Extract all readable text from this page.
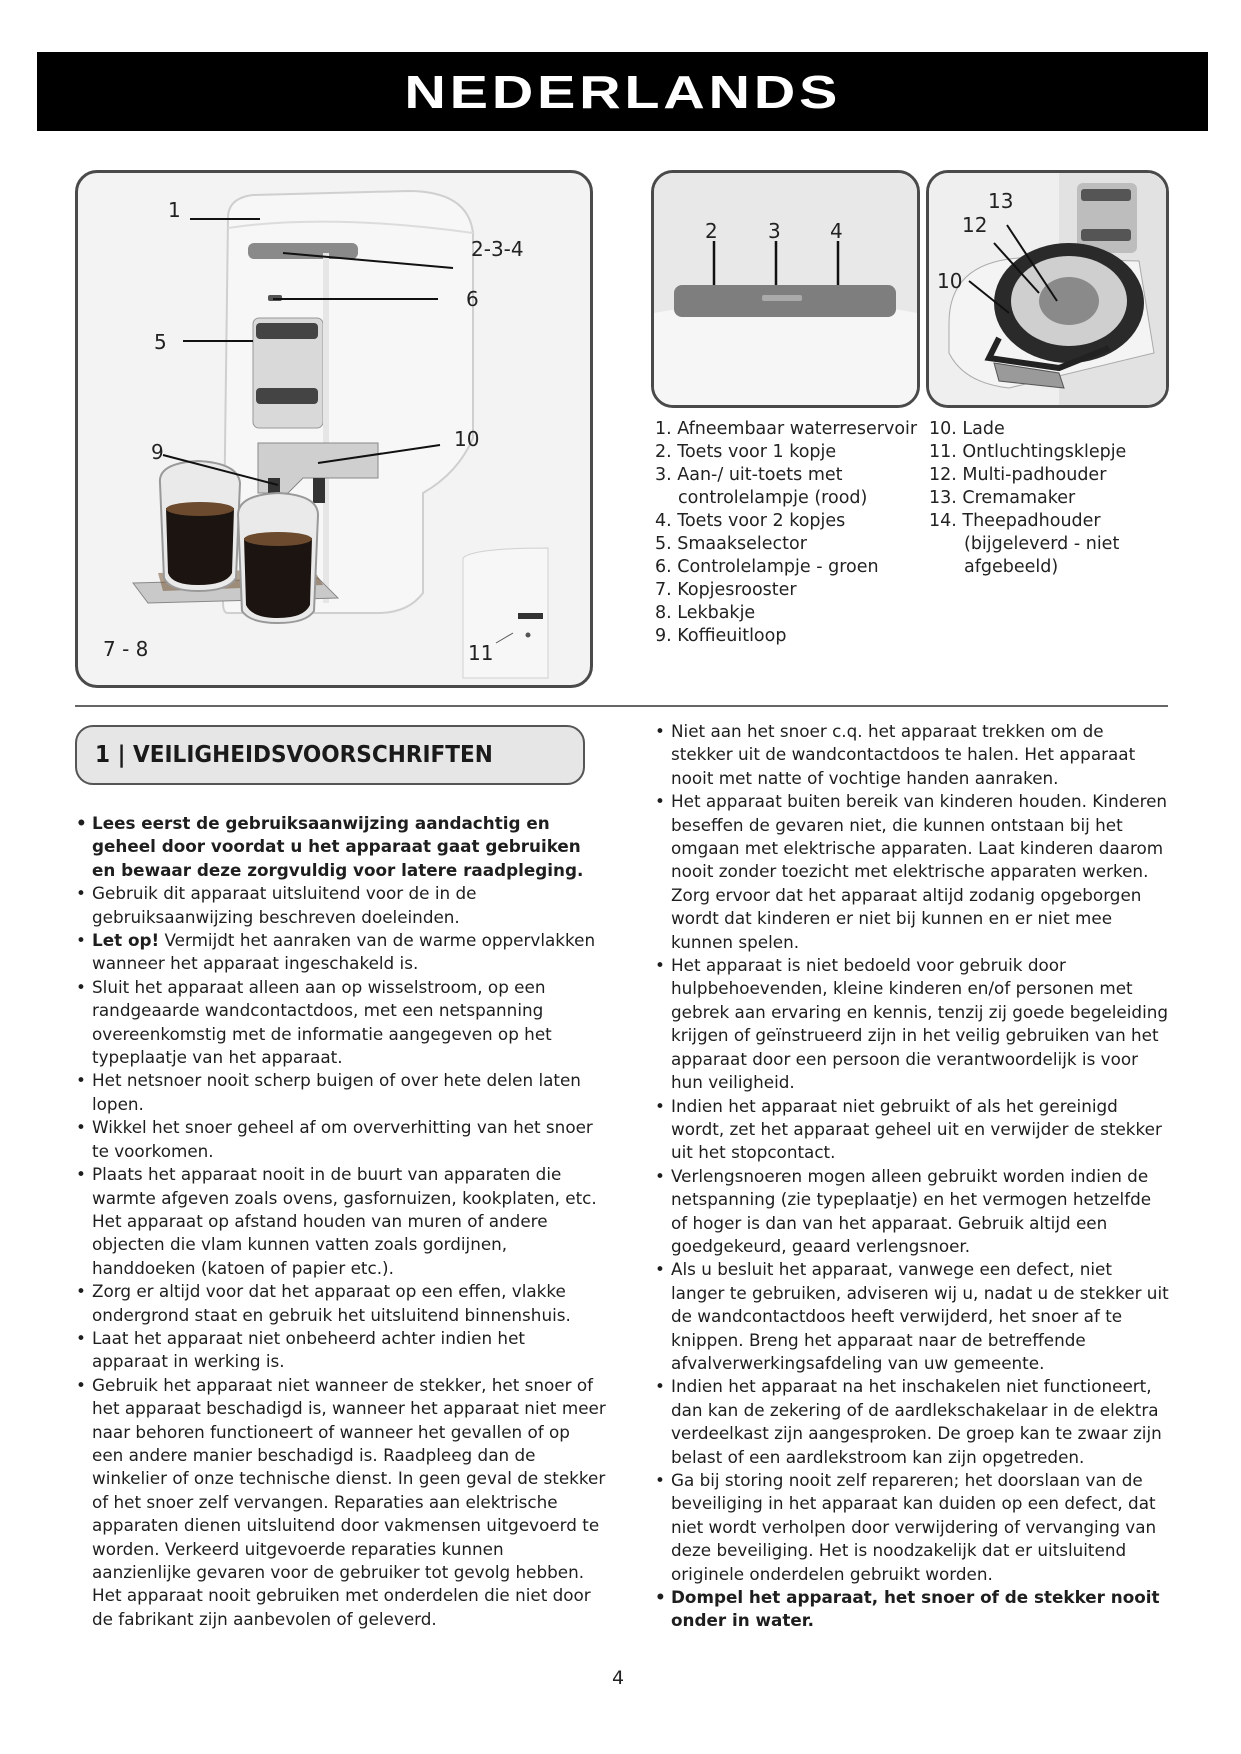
NEDERLANDS
1
2-3-4
6
5
9
10
7 - 8	11
2	3 4
13
12
10
1. Afneembaar waterreservoir
2. Toets voor 1 kopje
3. Aan-/ uit-toets met
controlelampje (rood)
4. Toets voor 2 kopjes
5. Smaakselector
6. Controlelampje - groen
7. Kopjesrooster
8. Lekbakje
9. Koffieuitloop
10. Lade
11. Ontluchtingsklepje
12. Multi-padhouder
13. Cremamaker
14. Theepadhouder
(bijgeleverd - niet
afgebeeld)
1 | VEILIGHEIDSVOORSCHRIFTEN
• Lees eerst de gebruiksaanwijzing aandachtig en geheel door voordat u het apparaat gaat gebruiken en bewaar deze zorgvuldig voor latere raadpleging.
• Gebruik dit apparaat uitsluitend voor de in de gebruiksaanwijzing beschreven doeleinden.
• Let op! Vermijdt het aanraken van de warme oppervlakken wanneer het apparaat ingeschakeld is.
• Sluit het apparaat alleen aan op wisselstroom, op een randgeaarde wandcontactdoos, met een netspanning overeenkomstig met de informatie aangegeven op het typeplaatje van het apparaat.
• Het netsnoer nooit scherp buigen of over hete delen laten lopen.
• Wikkel het snoer geheel af om oververhitting van het snoer te voorkomen.
• Plaats het apparaat nooit in de buurt van apparaten die warmte afgeven zoals ovens, gasfornuizen, kookplaten, etc. Het apparaat op afstand houden van muren of andere objecten die vlam kunnen vatten zoals gordijnen, handdoeken (katoen of papier etc.).
• Zorg er altijd voor dat het apparaat op een effen, vlakke ondergrond staat en gebruik het uitsluitend binnenshuis.
• Laat het apparaat niet onbeheerd achter indien het apparaat in werking is.
• Gebruik het apparaat niet wanneer de stekker, het snoer of het apparaat beschadigd is, wanneer het apparaat niet meer naar behoren functioneert of wanneer het gevallen of op een andere manier beschadigd is. Raadpleeg dan de winkelier of onze technische dienst. In geen geval de stekker of het snoer zelf vervangen. Reparaties aan elektrische apparaten dienen uitsluitend door vakmensen uitgevoerd te worden. Verkeerd uitgevoerde reparaties kunnen aanzienlijke gevaren voor de gebruiker tot gevolg hebben. Het apparaat nooit gebruiken met onderdelen die niet door de fabrikant zijn aanbevolen of geleverd.
• Niet aan het snoer c.q. het apparaat trekken om de stekker uit de wandcontactdoos te halen. Het apparaat nooit met natte of vochtige handen aanraken.
• Het apparaat buiten bereik van kinderen houden. Kinderen beseffen de gevaren niet, die kunnen ontstaan bij het omgaan met elektrische apparaten. Laat kinderen daarom nooit zonder toezicht met elektrische apparaten werken. Zorg ervoor dat het apparaat altijd zodanig opgeborgen wordt dat kinderen er niet bij kunnen en er niet mee kunnen spelen.
• Het apparaat is niet bedoeld voor gebruik door hulpbehoevenden, kleine kinderen en/of personen met gebrek aan ervaring en kennis, tenzij zij goede begeleiding krijgen of geïnstrueerd zijn in het veilig gebruiken van het apparaat door een persoon die verantwoordelijk is voor hun veiligheid.
• Indien het apparaat niet gebruikt of als het gereinigd wordt, zet het apparaat geheel uit en verwijder de stekker uit het stopcontact.
• Verlengsnoeren mogen alleen gebruikt worden indien de netspanning (zie typeplaatje) en het vermogen hetzelfde of hoger is dan van het apparaat. Gebruik altijd een goedgekeurd, geaard verlengsnoer.
• Als u besluit het apparaat, vanwege een defect, niet langer te gebruiken, adviseren wij u, nadat u de stekker uit de wandcontactdoos heeft verwijderd, het snoer af te knippen. Breng het apparaat naar de betreffende afvalverwerkingsafdeling van uw gemeente.
• Indien het apparaat na het inschakelen niet functioneert, dan kan de zekering of de aardlekschakelaar in de elektra verdeelkast zijn aangesproken. De groep kan te zwaar zijn belast of een aardlekstroom kan zijn opgetreden.
• Ga bij storing nooit zelf repareren; het doorslaan van de beveiliging in het apparaat kan duiden op een defect, dat niet wordt verholpen door verwijdering of vervanging van deze beveiliging. Het is noodzakelijk dat er uitsluitend originele onderdelen gebruikt worden.
• Dompel het apparaat, het snoer of de stekker nooit onder in water.
4
